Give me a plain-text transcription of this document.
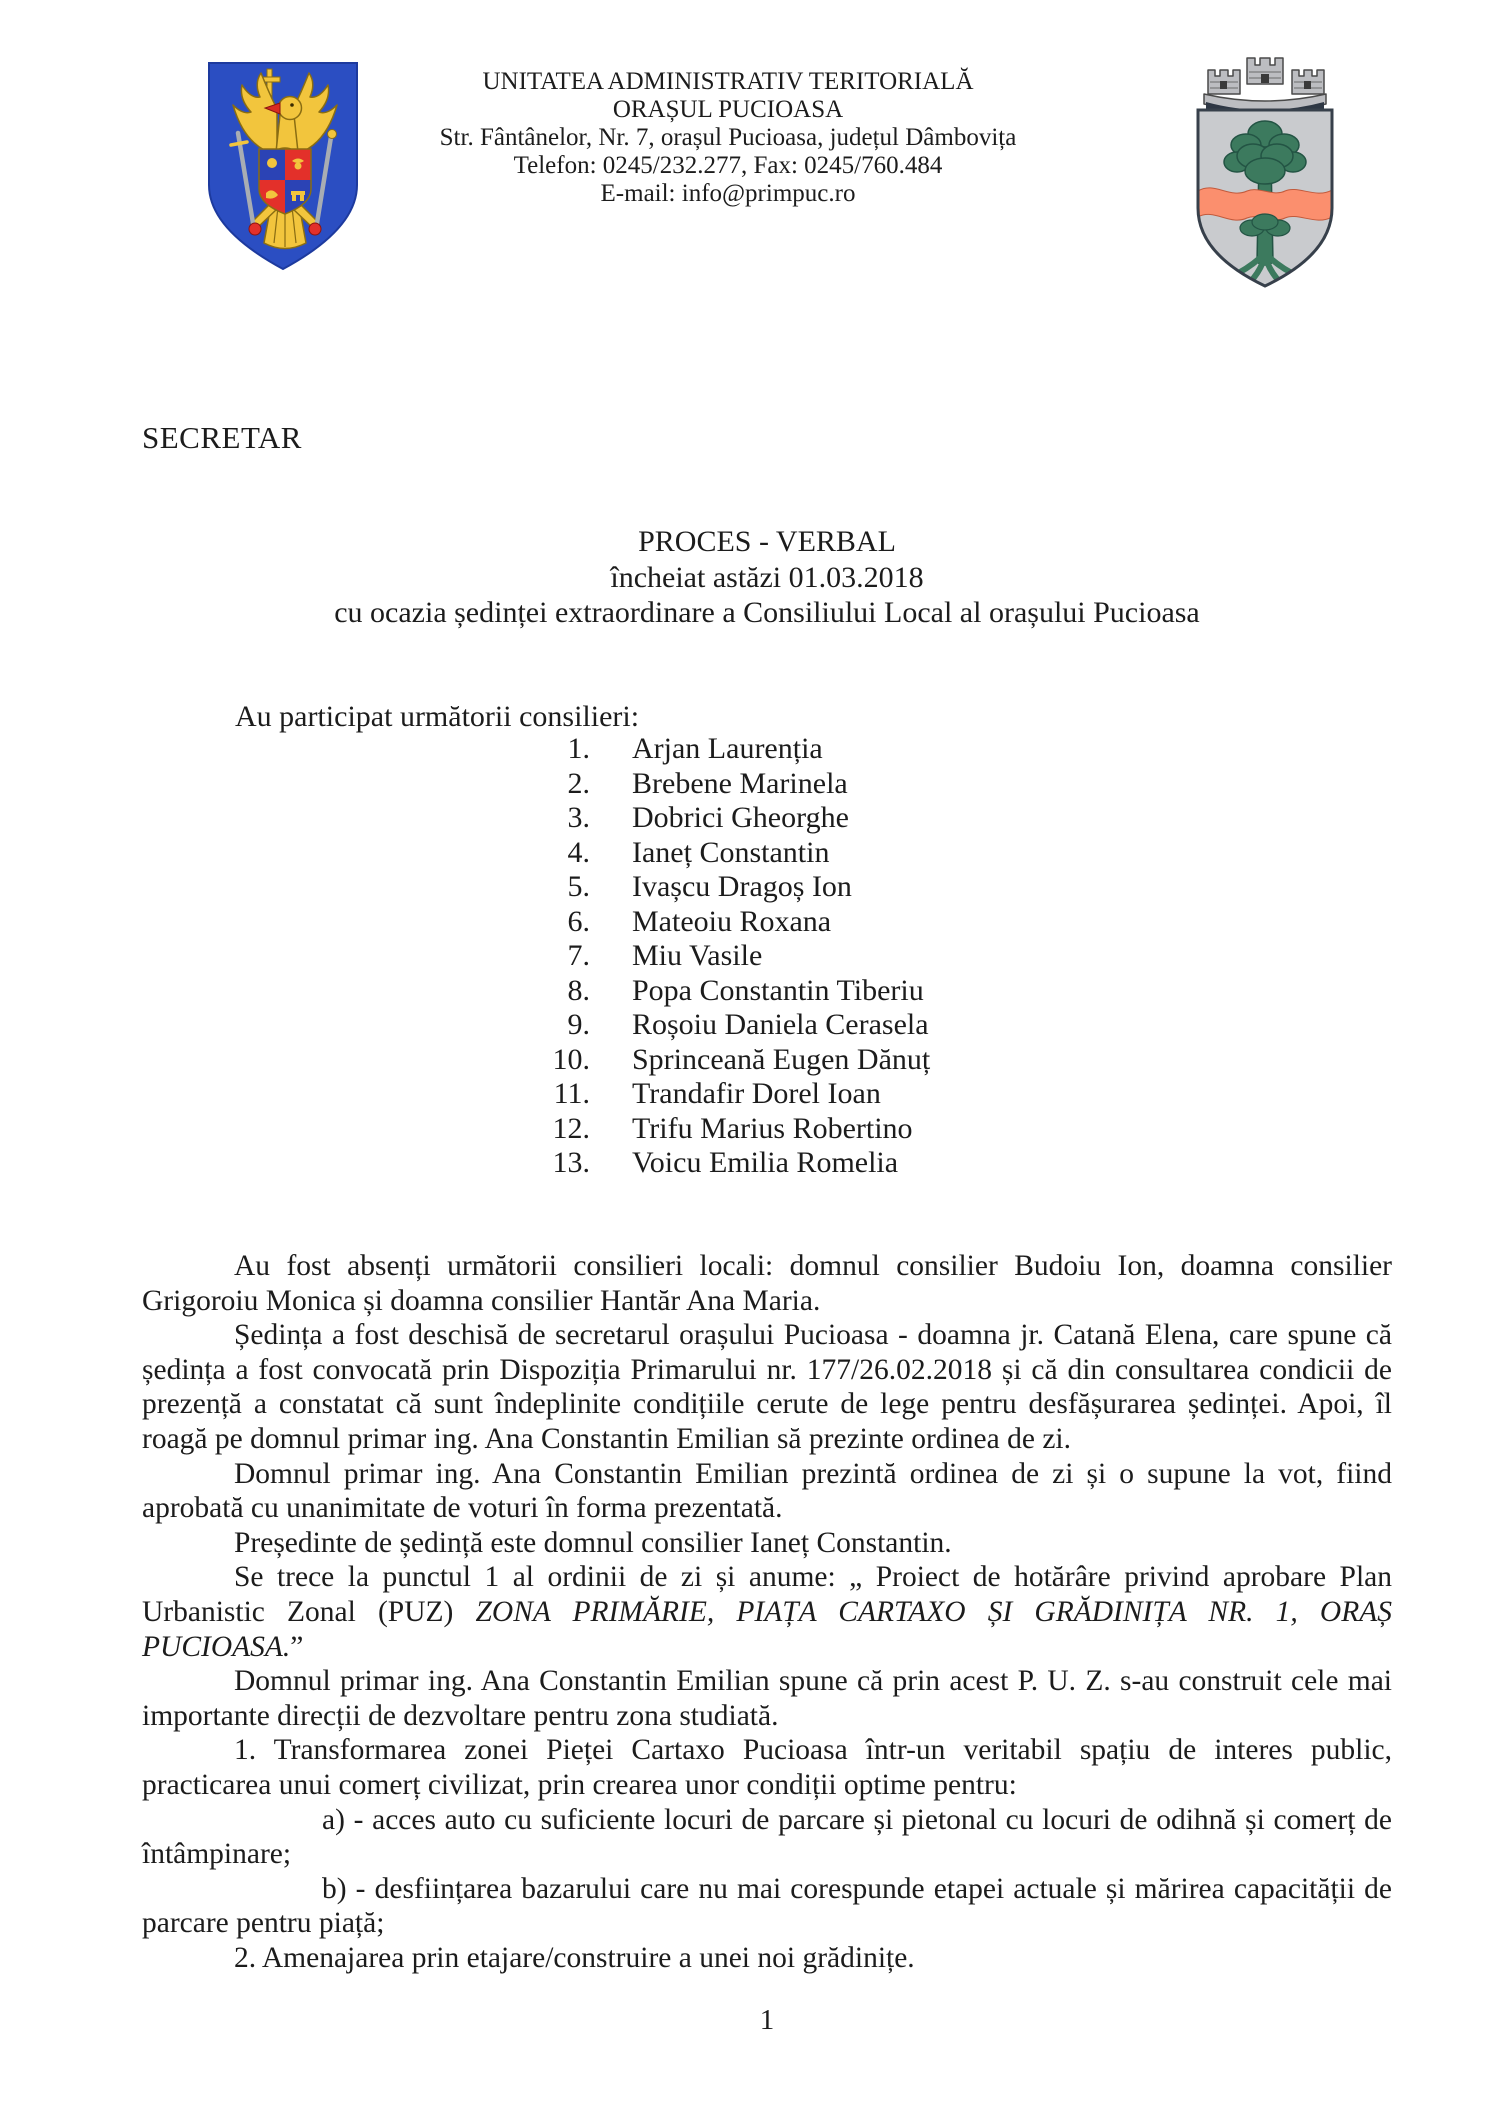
UNITATEA ADMINISTRATIV TERITORIALĂ
ORAȘUL PUCIOASA
Str. Fântânelor, Nr. 7, orașul Pucioasa, județul Dâmbovița
Telefon: 0245/232.277, Fax: 0245/760.484
E-mail: info@primpuc.ro
SECRETAR
PROCES - VERBAL
încheiat astăzi 01.03.2018
cu ocazia ședinței extraordinare a Consiliului Local al orașului Pucioasa
Au participat următorii consilieri:
1. Arjan Laurenția
2. Brebene Marinela
3. Dobrici Gheorghe
4. Ianeț Constantin
5. Ivașcu Dragoș Ion
6. Mateoiu Roxana
7. Miu Vasile
8. Popa Constantin Tiberiu
9. Roșoiu Daniela Cerasela
10. Sprinceană Eugen Dănuț
11. Trandafir Dorel Ioan
12. Trifu Marius Robertino
13. Voicu Emilia Romelia

Au fost absenți următorii consilieri locali: domnul consilier Budoiu Ion, doamna consilier Grigoroiu Monica și doamna consilier Hantăr Ana Maria.

Ședința a fost deschisă de secretarul orașului Pucioasa - doamna jr. Catană Elena, care spune că ședința a fost convocată prin Dispoziția Primarului nr. 177/26.02.2018 și că din consultarea condicii de prezență a constatat că sunt îndeplinite condițiile cerute de lege pentru desfășurarea ședinței. Apoi, îl roagă pe domnul primar ing. Ana Constantin Emilian să prezinte ordinea de zi.

Domnul primar ing. Ana Constantin Emilian prezintă ordinea de zi și o supune la vot, fiind aprobată cu unanimitate de voturi în forma prezentată.

Președinte de ședință este domnul consilier Ianeț Constantin.

Se trece la punctul 1 al ordinii de zi și anume: „ Proiect de hotărâre privind aprobare Plan Urbanistic Zonal (PUZ) ZONA PRIMĂRIE, PIAȚA CARTAXO ȘI GRĂDINIȚA NR. 1, ORAȘ PUCIOASA.”

Domnul primar ing. Ana Constantin Emilian spune că prin acest P. U. Z. s-au construit cele mai importante direcții de dezvoltare pentru zona studiată.

1. Transformarea zonei Pieței Cartaxo Pucioasa într-un veritabil spațiu de interes public, practicarea unui comerț civilizat, prin crearea unor condiții optime pentru:

a) - acces auto cu suficiente locuri de parcare și pietonal cu locuri de odihnă și comerț de întâmpinare;

b) - desființarea bazarului care nu mai corespunde etapei actuale și mărirea capacității de parcare pentru piață;

2. Amenajarea prin etajare/construire a unei noi grădinițe.

1
